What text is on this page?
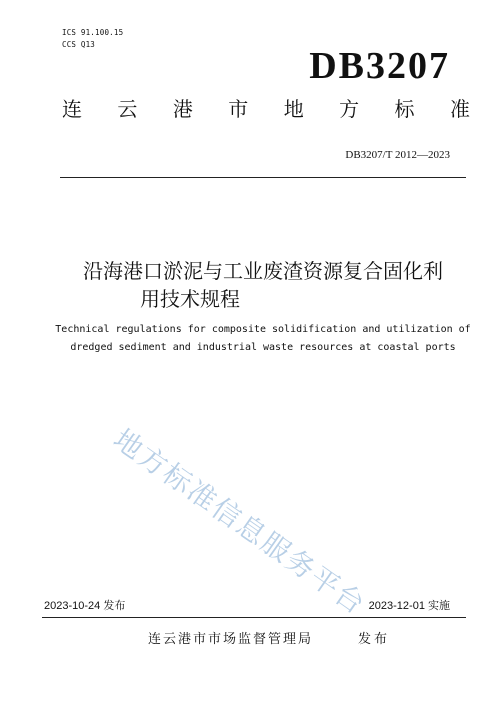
ICS 91.100.15
CCS Q13
DB3207
连 云 港 市 地 方 标 准
DB3207/T 2012—2023
沿海港口淤泥与工业废渣资源复合固化利
用技术规程
Technical regulations for composite solidification and utilization of
dredged sediment and industrial waste resources at coastal ports
地方标准信息服务平台
2023-10-24 发布	2023-12-01 实施
连云港市市场监督管理局	发布
